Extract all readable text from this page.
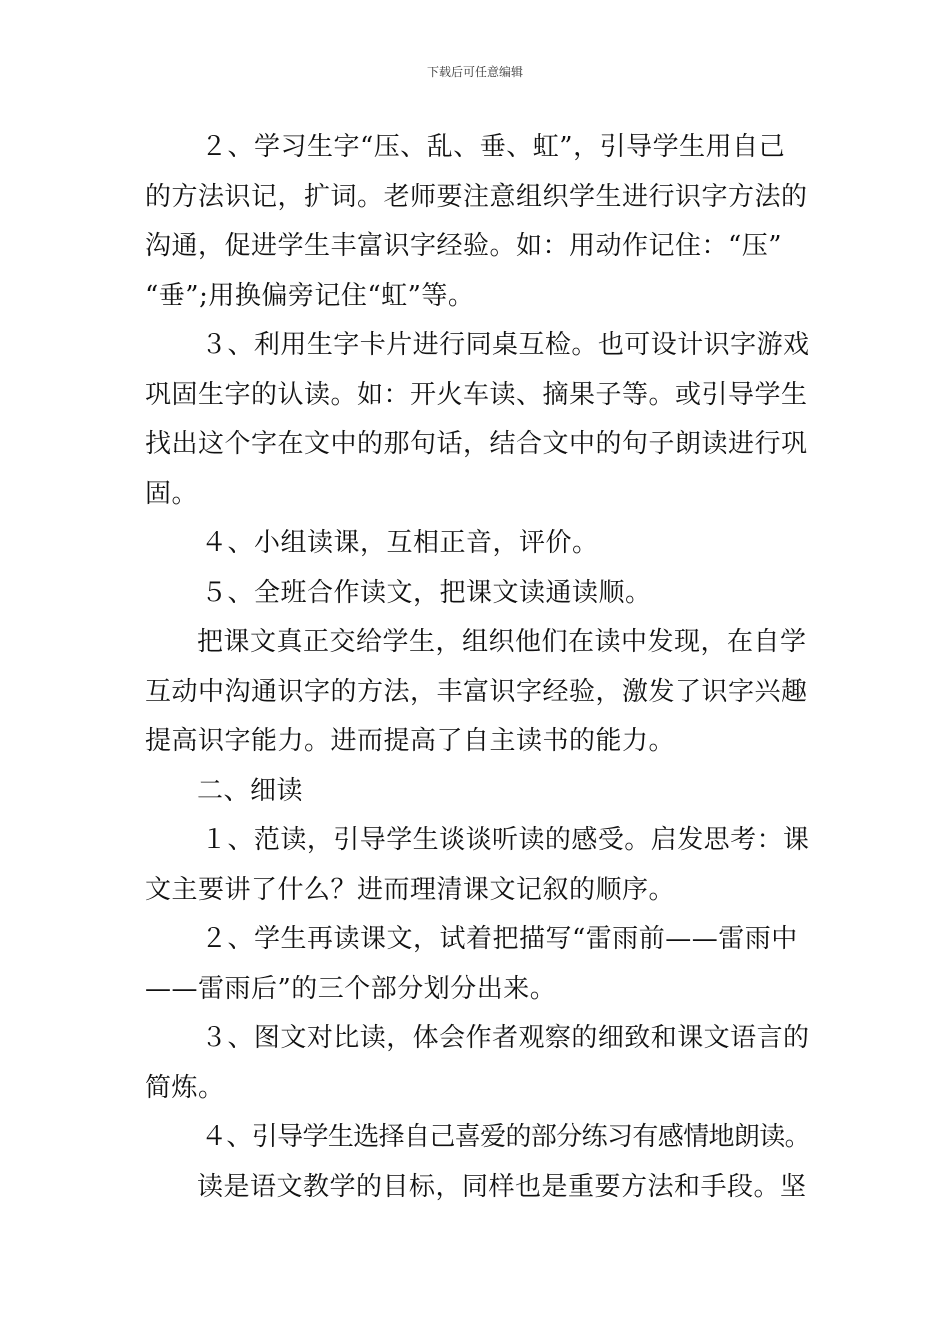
下载后可任意编辑
２、学习生字“压、乱、垂、虹”，引导学生用自己
的方法识记，扩词。老师要注意组织学生进行识字方法的
沟通，促进学生丰富识字经验。如：用动作记住：“压”
“垂”;用换偏旁记住“虹”等。
３、利用生字卡片进行同桌互检。也可设计识字游戏
巩固生字的认读。如：开火车读、摘果子等。或引导学生
找出这个字在文中的那句话，结合文中的句子朗读进行巩
固。
４、小组读课，互相正音，评价。
５、全班合作读文，把课文读通读顺。
把课文真正交给学生，组织他们在读中发现，在自学
互动中沟通识字的方法，丰富识字经验，激发了识字兴趣
提高识字能力。进而提高了自主读书的能力。
二、细读
１、范读，引导学生谈谈听读的感受。启发思考：课
文主要讲了什么？进而理清课文记叙的顺序。
２、学生再读课文，试着把描写“雷雨前——雷雨中
——雷雨后”的三个部分划分出来。
３、图文对比读，体会作者观察的细致和课文语言的
简炼。
４、引导学生选择自己喜爱的部分练习有感情地朗读。
读是语文教学的目标，同样也是重要方法和手段。坚
